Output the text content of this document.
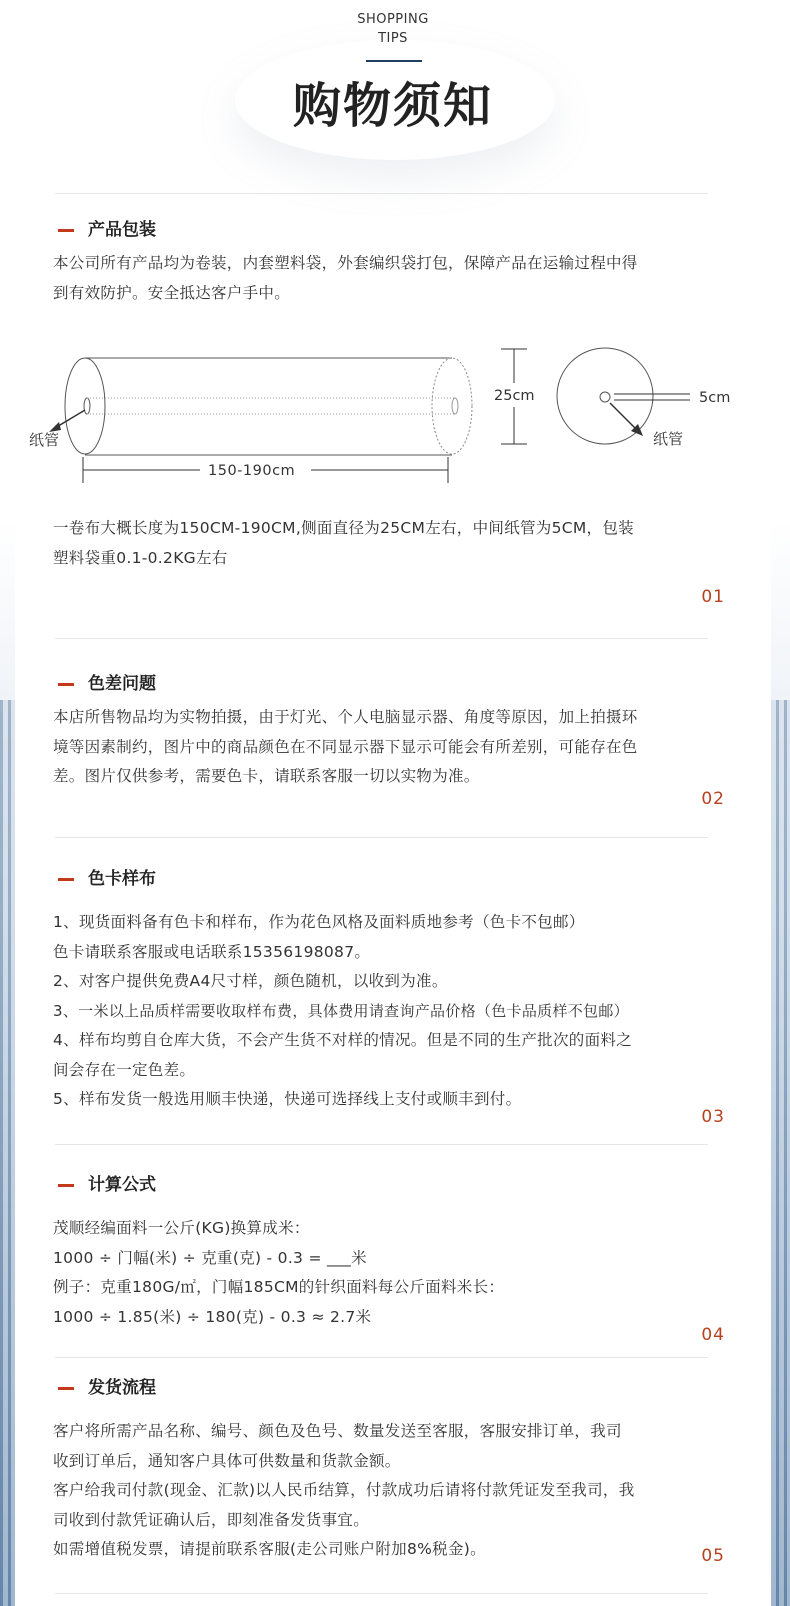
SHOPPING
TIPS
购物须知
产品包装
本公司所有产品均为卷装，内套塑料袋，外套编织袋打包，保障产品在运输过程中得
到有效防护。安全抵达客户手中。
纸管
150-190cm
25cm	5cm
纸管
一卷布大概长度为150CM-190CM,侧面直径为25CM左右，中间纸管为5CM，包装
塑料袋重0.1-0.2KG左右
01
色差问题
本店所售物品均为实物拍摄，由于灯光、个人电脑显示器、角度等原因，加上拍摄环
境等因素制约，图片中的商品颜色在不同显示器下显示可能会有所差别，可能存在色
差。图片仅供参考，需要色卡，请联系客服一切以实物为准。
02
色卡样布
1、现货面料备有色卡和样布，作为花色风格及面料质地参考（色卡不包邮）
色卡请联系客服或电话联系15356198087。
2、对客户提供免费A4尺寸样，颜色随机，以收到为准。
3、一米以上品质样需要收取样布费，具体费用请查询产品价格（色卡品质样不包邮）
4、样布均剪自仓库大货，不会产生货不对样的情况。但是不同的生产批次的面料之
间会存在一定色差。
5、样布发货一般选用顺丰快递，快递可选择线上支付或顺丰到付。
03
计算公式
茂顺经编面料一公斤(KG)换算成米：
1000 ÷ 门幅(米) ÷ 克重(克) - 0.3 = ___米
例子：克重180G/㎡，门幅185CM的针织面料每公斤面料米长：
1000 ÷ 1.85(米) ÷ 180(克) - 0.3 ≈ 2.7米
04
发货流程
客户将所需产品名称、编号、颜色及色号、数量发送至客服，客服安排订单，我司
收到订单后，通知客户具体可供数量和货款金额。
客户给我司付款(现金、汇款)以人民币结算，付款成功后请将付款凭证发至我司，我
司收到付款凭证确认后，即刻准备发货事宜。
如需增值税发票，请提前联系客服(走公司账户附加8%税金)。	05
